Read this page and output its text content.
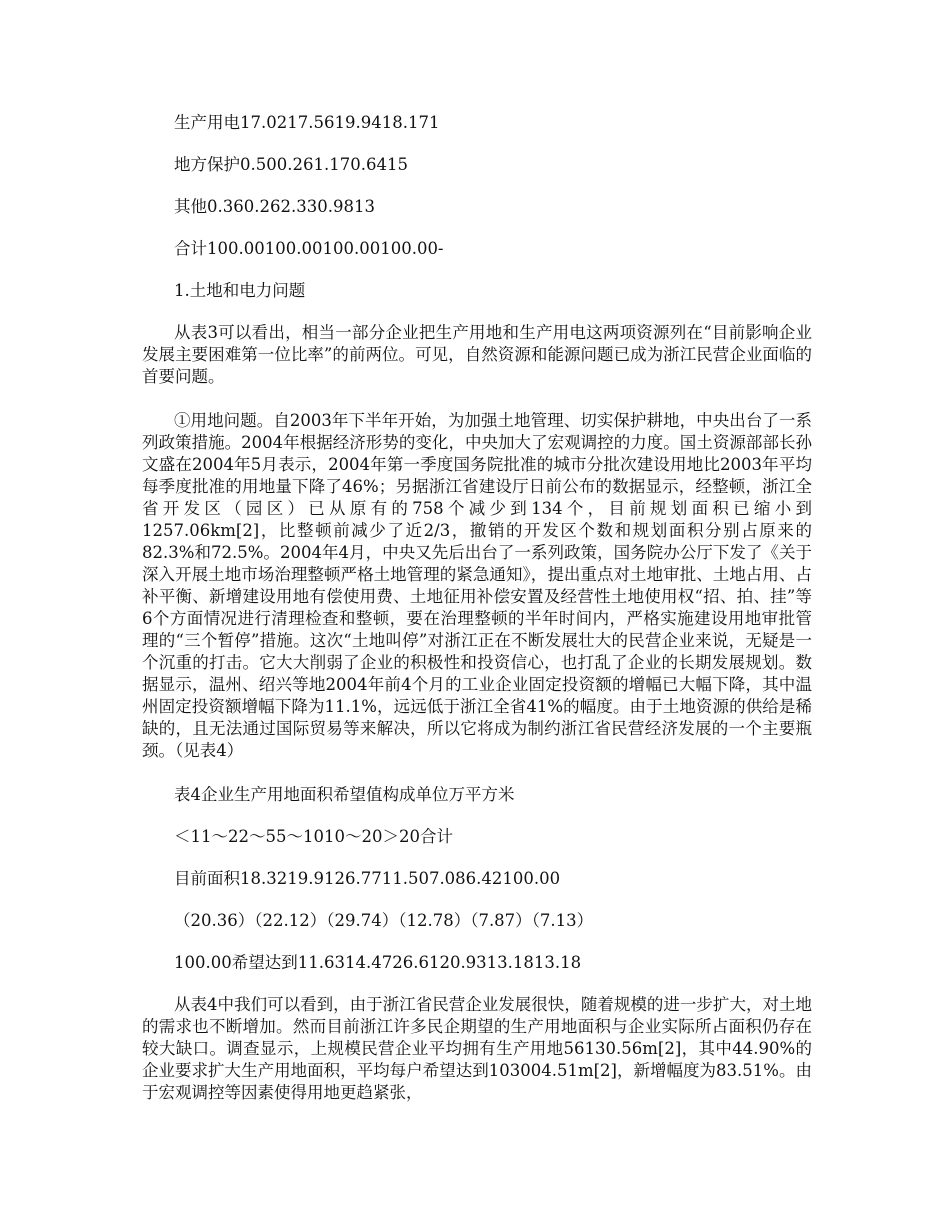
生产用电17.0217.5619.9418.171

地方保护0.500.261.170.6415

其他0.360.262.330.9813

合计100.00100.00100.00100.00-

1.土地和电力问题

从表3可以看出，相当一部分企业把生产用地和生产用电这两项资源列在“目前影响企业发展主要困难第一位比率”的前两位。可见，自然资源和能源问题已成为浙江民营企业面临的首要问题。

①用地问题。自2003年下半年开始，为加强土地管理、切实保护耕地，中央出台了一系列政策措施。2004年根据经济形势的变化，中央加大了宏观调控的力度。国土资源部部长孙文盛在2004年5月表示，2004年第一季度国务院批准的城市分批次建设用地比2003年平均每季度批准的用地量下降了46%；另据浙江省建设厅日前公布的数据显示，经整顿，浙江全省开发区（园区）已从原有的758个减少到134个，目前规划面积已缩小到1257.06km[2]，比整顿前减少了近2/3，撤销的开发区个数和规划面积分别占原来的82.3%和72.5%。2004年4月，中央又先后出台了一系列政策，国务院办公厅下发了《关于深入开展土地市场治理整顿严格土地管理的紧急通知》，提出重点对土地审批、土地占用、占补平衡、新增建设用地有偿使用费、土地征用补偿安置及经营性土地使用权“招、拍、挂”等6个方面情况进行清理检查和整顿，要在治理整顿的半年时间内，严格实施建设用地审批管理的“三个暂停”措施。这次“土地叫停”对浙江正在不断发展壮大的民营企业来说，无疑是一个沉重的打击。它大大削弱了企业的积极性和投资信心，也打乱了企业的长期发展规划。数据显示，温州、绍兴等地2004年前4个月的工业企业固定投资额的增幅已大幅下降，其中温州固定投资额增幅下降为11.1%，远远低于浙江全省41%的幅度。由于土地资源的供给是稀缺的，且无法通过国际贸易等来解决，所以它将成为制约浙江省民营经济发展的一个主要瓶颈。（见表4）

表4企业生产用地面积希望值构成单位万平方米

＜11～22～55～1010～20＞20合计

目前面积18.3219.9126.7711.507.086.42100.00

（20.36）（22.12）（29.74）（12.78）（7.87）（7.13）

100.00希望达到11.6314.4726.6120.9313.1813.18

从表4中我们可以看到，由于浙江省民营企业发展很快，随着规模的进一步扩大，对土地的需求也不断增加。然而目前浙江许多民企期望的生产用地面积与企业实际所占面积仍存在较大缺口。调查显示，上规模民营企业平均拥有生产用地56130.56m[2]，其中44.90%的企业要求扩大生产用地面积，平均每户希望达到103004.51m[2]，新增幅度为83.51%。由于宏观调控等因素使得用地更趋紧张，
